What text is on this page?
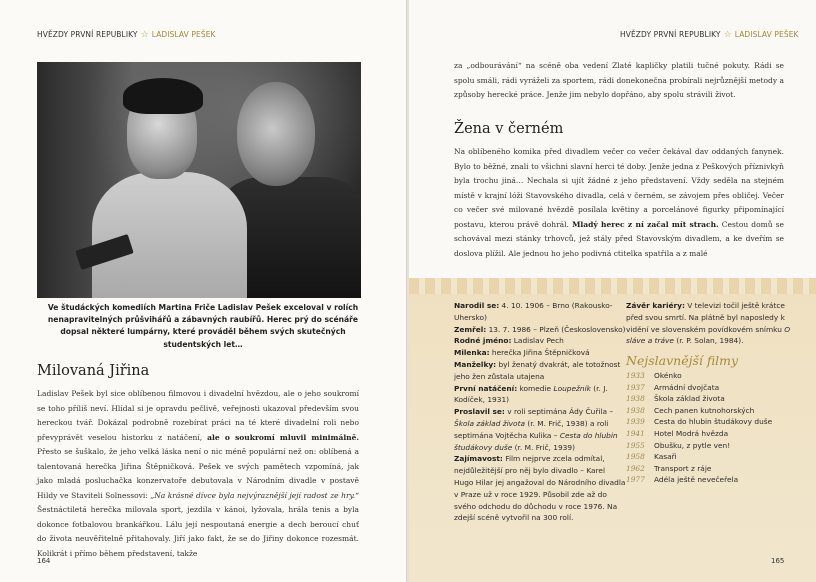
HVĚZDY PRVNÍ REPUBLIKY ☆ LADISLAV PEŠEK
Ve študáckých komediích Martina Friče Ladislav Pešek exceloval v rolích nenapravitelných průšvihářů a zábavných raubířů. Herec prý do scénáře dopsal některé lumpárny, které prováděl během svých skutečných studentských let…
Milovaná Jiřina

Ladislav Pešek byl sice oblíbenou filmovou i divadelní hvězdou, ale o jeho soukromí se toho příliš neví. Hlídal si je opravdu pečlivě, veřejnosti ukazoval především svou hereckou tvář. Dokázal podrobně rozebírat práci na té které divadelní roli nebo převyprávět veselou historku z natáčení, ale o soukromí mluvil minimálně. Přesto se šuškalo, že jeho velká láska není o nic méně populární než on: oblíbená a talentovaná herečka Jiřina Štěpničková. Pešek ve svých pamětech vzpomíná, jak jako mladá posluchačka konzervatoře debutovala v Národním divadle v postavě Hildy ve Staviteli Solnessovi: „Na krásné dívce byla nejvýraznější její radost ze hry.“ Šestnáctiletá herečka milovala sport, jezdila v kánoi, lyžovala, hrála tenis a byla dokonce fotbalovou brankářkou. Lálu její nespoutaná energie a dech beroucí chuť do života neuvěřitelně přitahovaly. Jiří jako fakt, že se do Jiřiny dokonce rozesmát. Kolikrát i přímo během představení, takže

164
HVĚZDY PRVNÍ REPUBLIKY ☆ LADISLAV PEŠEK

za „odbourávání“ na scéně oba vedení Zlaté kapličky platili tučné pokuty. Rádi se spolu smáli, rádi vyráželi za sportem, rádi donekonečna probírali nejrůznější metody a způsoby herecké práce. Jenže jim nebylo dopřáno, aby spolu strávili život.

Žena v černém

Na oblíbeného komika před divadlem večer co večer čekával dav oddaných fanynek. Bylo to běžné, znali to všichni slavní herci té doby. Jenže jedna z Peškových příznivkyň byla trochu jiná… Nechala si ujít žádné z jeho představení. Vždy seděla na stejném místě v krajní lóži Stavovského divadla, celá v černém, se závojem přes obličej. Večer co večer své milované hvězdě posílala květiny a porcelánové figurky připomínající postavu, kterou právě dohrál. Mladý herec z ní začal mít strach. Cestou domů se schovával mezi stánky trhovců, jež stály před Stavovským divadlem, a ke dveřím se doslova plížil. Ale jednou ho jeho podivná ctitelka spatřila a z malé

Narodil se: 4. 10. 1906 – Brno (Rakousko-Uhersko)

Zemřel: 13. 7. 1986 – Plzeň (Československo)

Rodné jméno: Ladislav Pech

Milenka: herečka Jiřina Štěpničková

Manželky: byl ženatý dvakrát, ale totožnost jeho žen zůstala utajena

První natáčení: komedie Loupežník (r. J. Kodíček, 1931)

Proslavil se: v roli septimána Ády Čuřila – Škola základ života (r. M. Frič, 1938) a roli septimána Vojtěcha Kulika – Cesta do hlubin študákovy duše (r. M. Frič, 1939)

Zajímavost: Film nejprve zcela odmítal, nejdůležitější pro něj bylo divadlo – Karel Hugo Hilar jej angažoval do Národního divadla v Praze už v roce 1929. Působil zde až do svého odchodu do důchodu v roce 1976. Na zdejší scéně vytvořil na 300 rolí.

Závěr kariéry: V televizi točil ještě krátce před svou smrtí. Na plátně byl naposledy k vidění ve slovenském povídkovém snímku O sláve a tráve (r. P. Solan, 1984).

Nejslavnější filmy
1933	Okénko
1937	Armádní dvojčata
1938	Škola základ života
1938	Cech panen kutnohorských
1939	Cesta do hlubin študákovy duše
1941	Hotel Modrá hvězda
1955	Obušku, z pytle ven!
1958	Kasaři
1962	Transport z ráje
1977	Adéla ještě nevečeřela
165
